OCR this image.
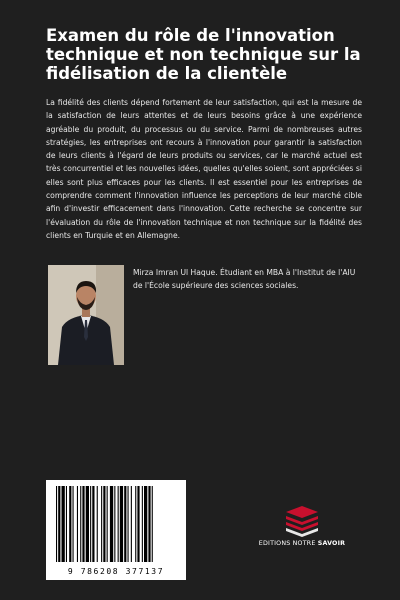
Examen du rôle de l'innovation technique et non technique sur la fidélisation de la clientèle

La fidélité des clients dépend fortement de leur satisfaction, qui est la mesure de la satisfaction de leurs attentes et de leurs besoins grâce à une expérience agréable du produit, du processus ou du service. Parmi de nombreuses autres stratégies, les entreprises ont recours à l'innovation pour garantir la satisfaction de leurs clients à l'égard de leurs produits ou services, car le marché actuel est très concurrentiel et les nouvelles idées, quelles qu'elles soient, sont appréciées si elles sont plus efficaces pour les clients. Il est essentiel pour les entreprises de comprendre comment l'innovation influence les perceptions de leur marché cible afin d'investir efficacement dans l'innovation. Cette recherche se concentre sur l'évaluation du rôle de l'innovation technique et non technique sur la fidélité des clients en Turquie et en Allemagne.

Mirza Imran Ul Haque. Étudiant en MBA à l'Institut de l'AIU de l'École supérieure des sciences sociales.

9 786208 377137
EDITIONS NOTRE SAVOIR
